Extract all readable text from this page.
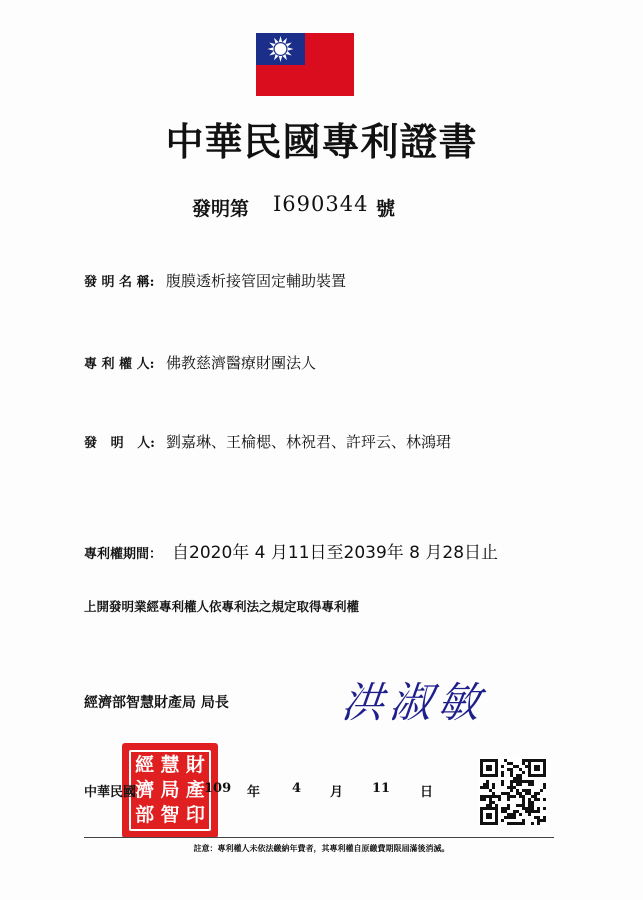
中華民國專利證書
發明第 I690344 號
發 明 名 稱: 腹膜透析接管固定輔助裝置
專 利 權 人: 佛教慈濟醫療財團法人
發   明   人: 劉嘉琳、王棆楒、林祝君、許玶云、林鴻珺
專利權期間： 自2020年 4 月11日至2039年 8 月28日止
上開發明業經專利權人依專利法之規定取得專利權
經濟部智慧財產局 局長	洪淑敏
經 慧 財
濟 局 產
部 智 印
中華民國	109 年 4 月 11 日
註意：專利權人未依法繳納年費者，其專利權自原繳費期限屆滿後消滅。
